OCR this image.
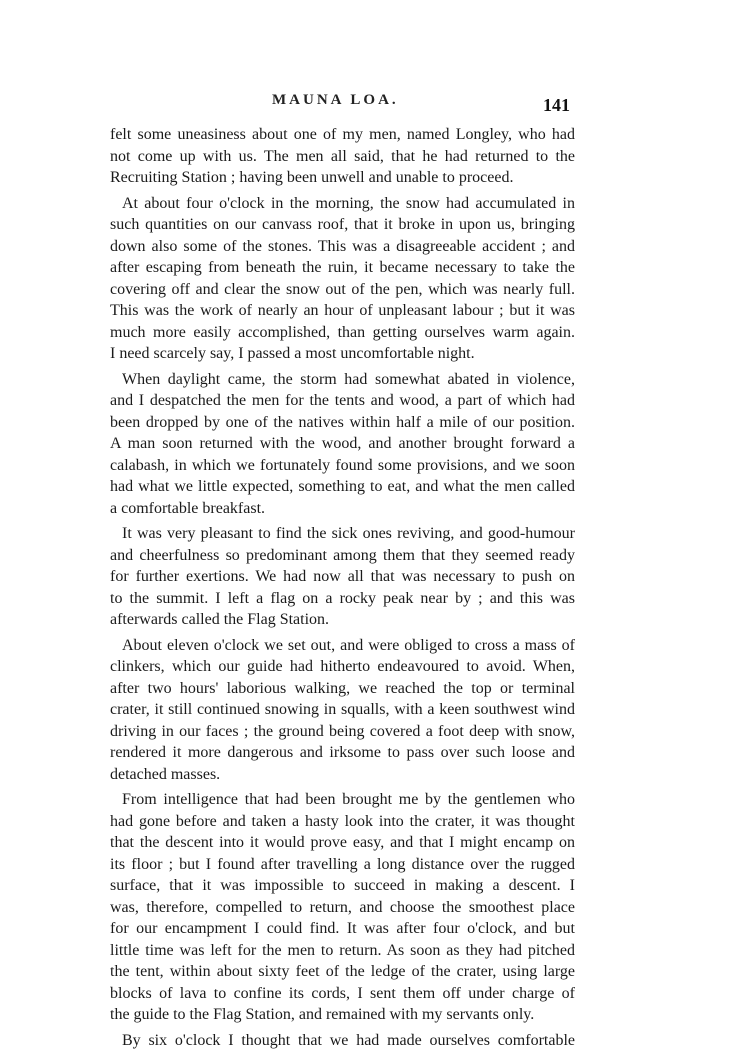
MAUNA LOA.	141
felt some uneasiness about one of my men, named Longley, who had
not come up with us. The men all said, that he had returned to the
Recruiting Station ; having been unwell and unable to proceed.
At about four o'clock in the morning, the snow had accumulated in
such quantities on our canvass roof, that it broke in upon us, bringing
down also some of the stones. This was a disagreeable accident ; and
after escaping from beneath the ruin, it became necessary to take the
covering off and clear the snow out of the pen, which was nearly full.
This was the work of nearly an hour of unpleasant labour ; but it was
much more easily accomplished, than getting ourselves warm again.
I need scarcely say, I passed a most uncomfortable night.
When daylight came, the storm had somewhat abated in violence,
and I despatched the men for the tents and wood, a part of which had
been dropped by one of the natives within half a mile of our position.
A man soon returned with the wood, and another brought forward a
calabash, in which we fortunately found some provisions, and we soon
had what we little expected, something to eat, and what the men called
a comfortable breakfast.
It was very pleasant to find the sick ones reviving, and good-humour
and cheerfulness so predominant among them that they seemed ready
for further exertions. We had now all that was necessary to push on
to the summit. I left a flag on a rocky peak near by ; and this was
afterwards called the Flag Station.
About eleven o'clock we set out, and were obliged to cross a mass of
clinkers, which our guide had hitherto endeavoured to avoid. When,
after two hours' laborious walking, we reached the top or terminal
crater, it still continued snowing in squalls, with a keen southwest wind
driving in our faces ; the ground being covered a foot deep with snow,
rendered it more dangerous and irksome to pass over such loose and
detached masses.
From intelligence that had been brought me by the gentlemen who
had gone before and taken a hasty look into the crater, it was thought
that the descent into it would prove easy, and that I might encamp on
its floor ; but I found after travelling a long distance over the rugged
surface, that it was impossible to succeed in making a descent. I
was, therefore, compelled to return, and choose the smoothest place
for our encampment I could find. It was after four o'clock, and but
little time was left for the men to return. As soon as they had pitched
the tent, within about sixty feet of the ledge of the crater, using large
blocks of lava to confine its cords, I sent them off under charge of
the guide to the Flag Station, and remained with my servants only.
By six o'clock I thought that we had made ourselves comfortable
